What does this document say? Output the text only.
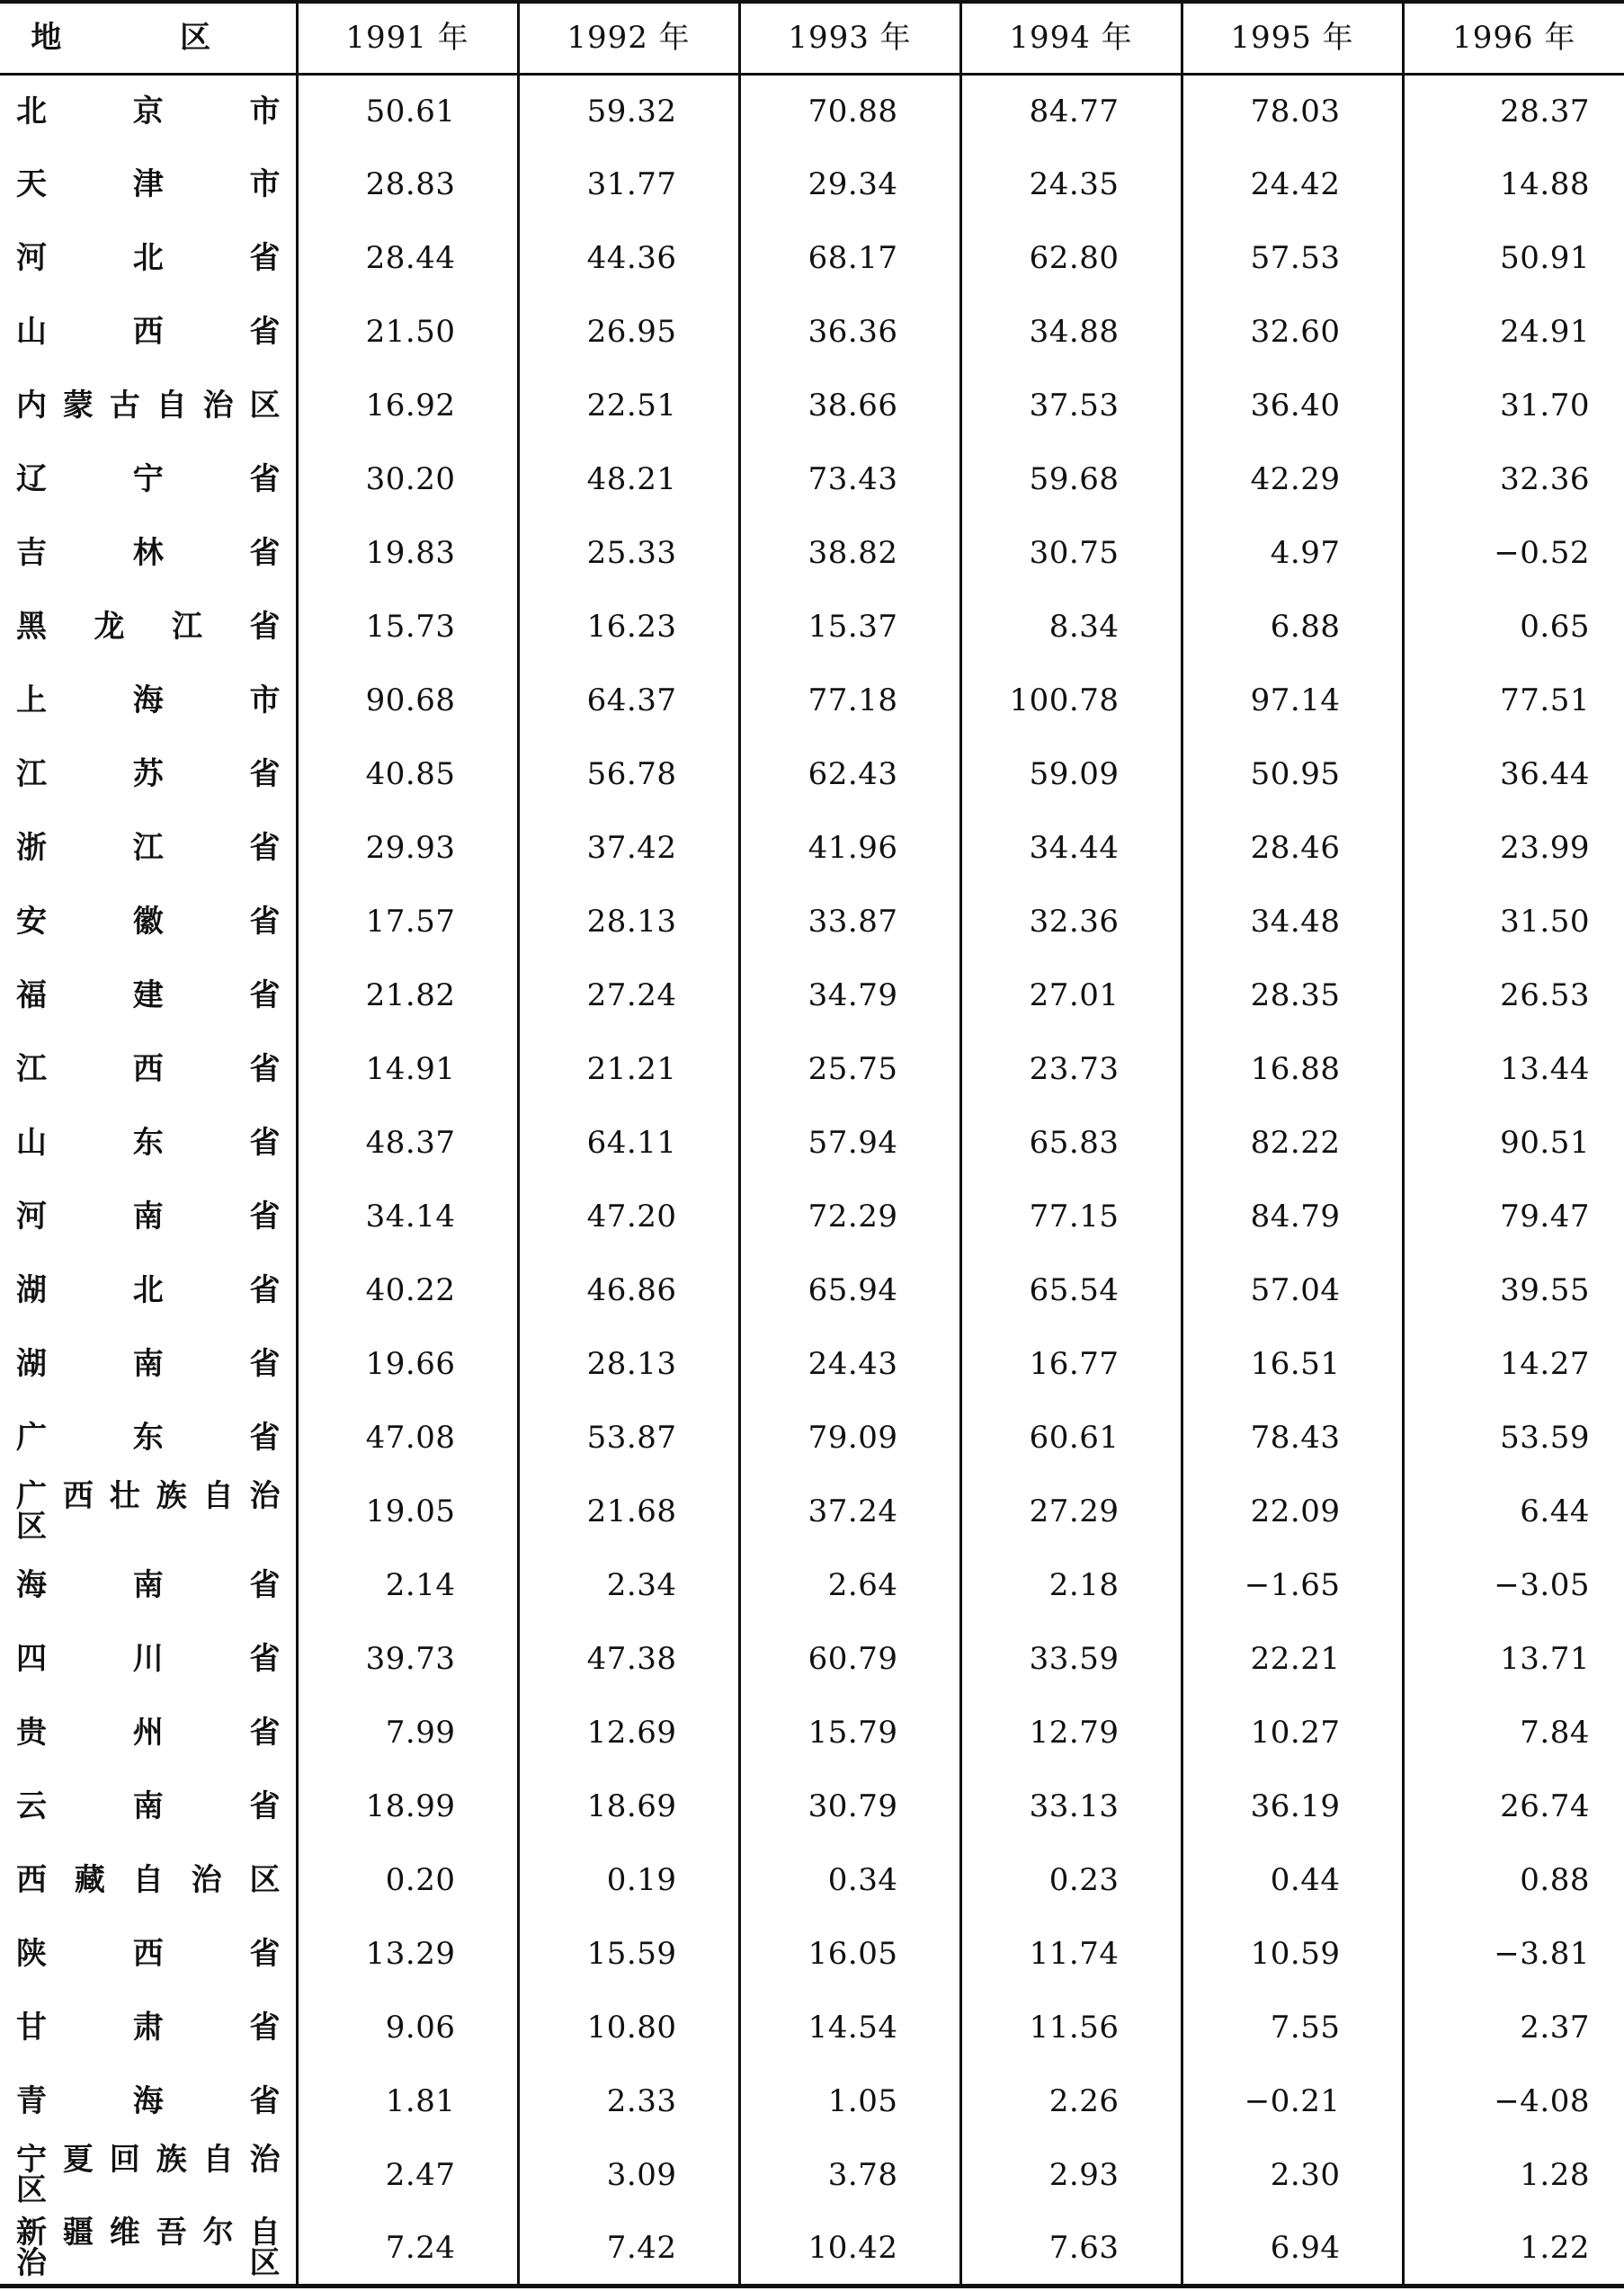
地 区	1991 年	1992 年	1993 年	1994 年	1995 年	1996 年

北 京 市	50.61	59.32	70.88	84.77	78.03	28.37

天 津 市	28.83	31.77	29.34	24.35	24.42	14.88

河 北 省	28.44	44.36	68.17	62.80	57.53	50.91

山 西 省	21.50	26.95	36.36	34.88	32.60	24.91

内 蒙 古 自 治 区	16.92	22.51	38.66	37.53	36.40	31.70

辽 宁 省	30.20	48.21	73.43	59.68	42.29	32.36

吉 林 省	19.83	25.33	38.82	30.75	4.97	−0.52

黑 龙 江 省	15.73	16.23	15.37	8.34	6.88	0.65

上 海 市	90.68	64.37	77.18	100.78	97.14	77.51

江 苏 省	40.85	56.78	62.43	59.09	50.95	36.44

浙 江 省	29.93	37.42	41.96	34.44	28.46	23.99

安 徽 省	17.57	28.13	33.87	32.36	34.48	31.50

福 建 省	21.82	27.24	34.79	27.01	28.35	26.53

江 西 省	14.91	21.21	25.75	23.73	16.88	13.44

山 东 省	48.37	64.11	57.94	65.83	82.22	90.51

河 南 省	34.14	47.20	72.29	77.15	84.79	79.47

湖 北 省	40.22	46.86	65.94	65.54	57.04	39.55

湖 南 省	19.66	28.13	24.43	16.77	16.51	14.27

广 东 省	47.08	53.87	79.09	60.61	78.43	53.59

广 西 壮 族 自 治 区	19.05	21.68	37.24	27.29	22.09	6.44

海 南 省	2.14	2.34	2.64	2.18	−1.65	−3.05

四 川 省	39.73	47.38	60.79	33.59	22.21	13.71

贵 州 省	7.99	12.69	15.79	12.79	10.27	7.84

云 南 省	18.99	18.69	30.79	33.13	36.19	26.74

西 藏 自 治 区	0.20	0.19	0.34	0.23	0.44	0.88

陕 西 省	13.29	15.59	16.05	11.74	10.59	−3.81

甘 肃 省	9.06	10.80	14.54	11.56	7.55	2.37

青 海 省	1.81	2.33	1.05	2.26	−0.21	−4.08

宁 夏 回 族 自 治 区	2.47	3.09	3.78	2.93	2.30	1.28

新 疆 维 吾 尔 自 治 区	7.24	7.42	10.42	7.63	6.94	1.22
